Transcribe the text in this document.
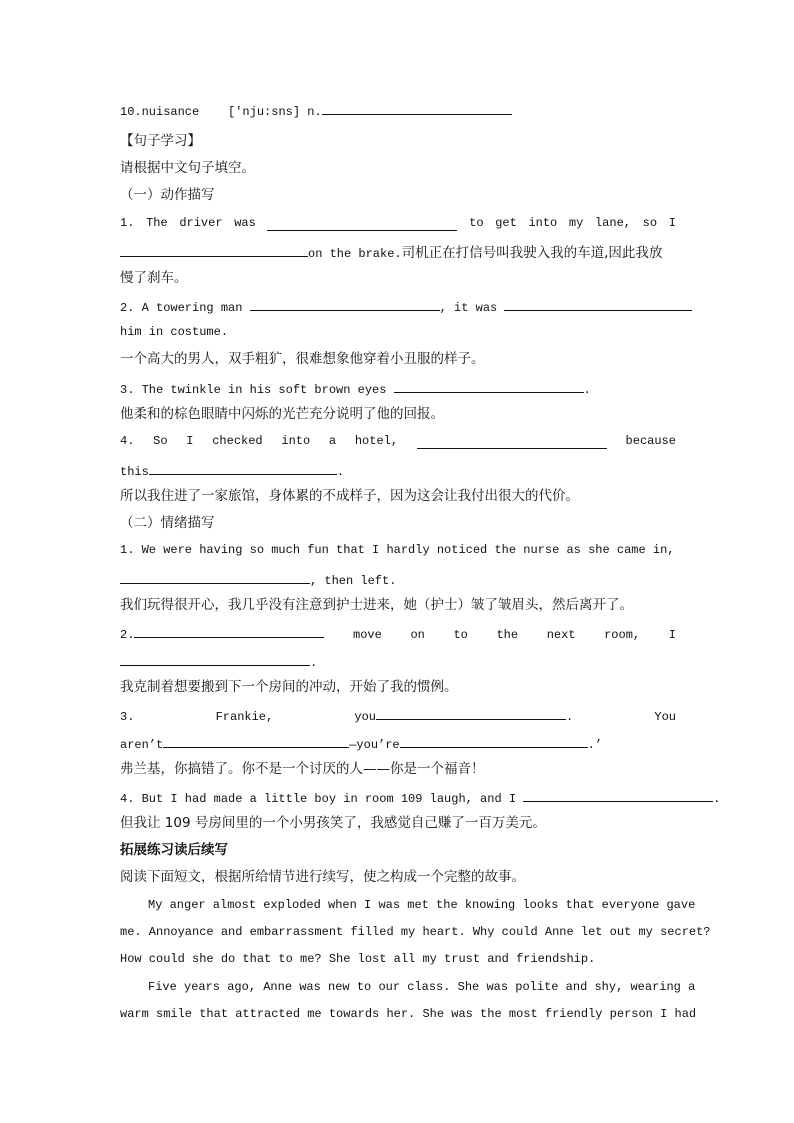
10.nuisance ['nju:sns] n.
【句子学习】
请根据中文句子填空。
（一）动作描写
1. The driver was	to get into my lane, so I
on the brake.司机正在打信号叫我驶入我的车道,因此我放
慢了刹车。
2. A towering man	, it was
him in costume.
一个高大的男人，双手粗犷，很难想象他穿着小丑服的样子。
3. The twinkle in his soft brown eyes	.
他柔和的棕色眼睛中闪烁的光芒充分说明了他的回报。
4. So I checked into a hotel,	because
this	.
所以我住进了一家旅馆，身体累的不成样子，因为这会让我付出很大的代价。
（二）情绪描写
1. We were having so much fun that I hardly noticed the nurse as she came in,
, then left.
我们玩得很开心，我几乎没有注意到护士进来，她（护士）皱了皱眉头，然后离开了。
2.	move on to the next room, I
.
我克制着想要搬到下一个房间的冲动，开始了我的惯例。
3.	Frankie,	you	.	You
aren’t	—you’re	.’
弗兰基，你搞错了。你不是一个讨厌的人——你是一个福音！
4. But I had made a little boy in room 109 laugh, and I	.
但我让 109 号房间里的一个小男孩笑了，我感觉自己赚了一百万美元。
拓展练习读后续写
阅读下面短文，根据所给情节进行续写，使之构成一个完整的故事。
My anger almost exploded when I was met the knowing looks that everyone gave
me. Annoyance and embarrassment filled my heart. Why could Anne let out my secret?
How could she do that to me? She lost all my trust and friendship.
Five years ago, Anne was new to our class. She was polite and shy, wearing a
warm smile that attracted me towards her. She was the most friendly person I had
